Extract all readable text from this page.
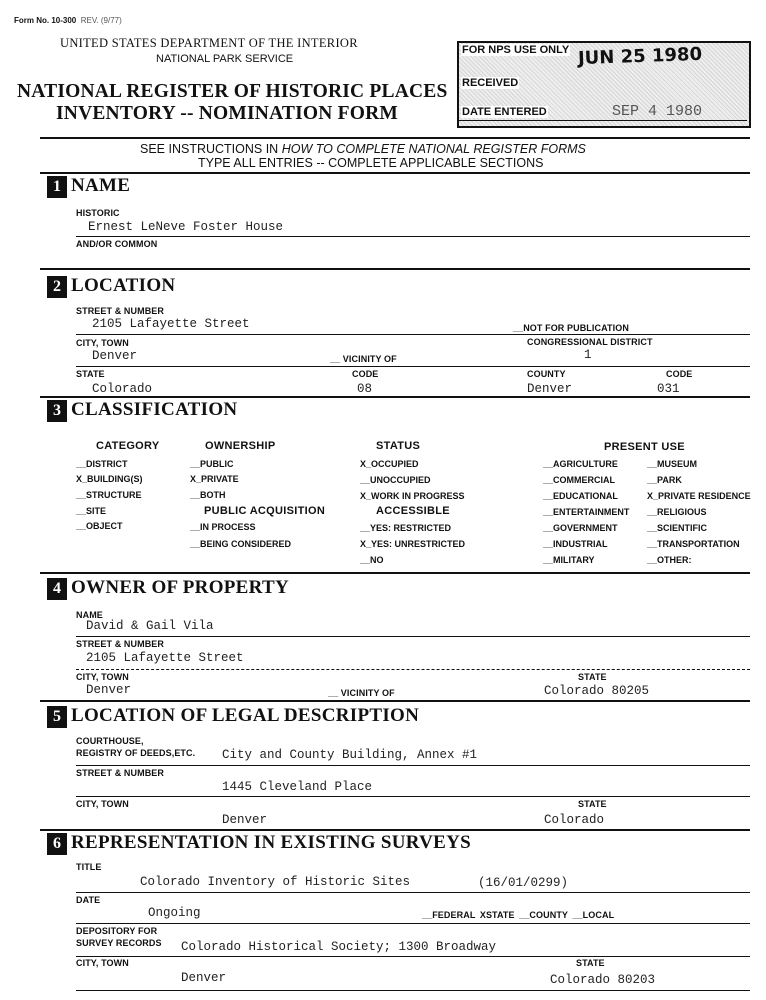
Form No. 10-300 REV. (9/77)
UNITED STATES DEPARTMENT OF THE INTERIOR
NATIONAL PARK SERVICE
NATIONAL REGISTER OF HISTORIC PLACES
INVENTORY -- NOMINATION FORM
FOR NPS USE ONLY JUN 25 1980
RECEIVED
DATE ENTERED	SEP 4 1980
SEE INSTRUCTIONS IN HOW TO COMPLETE NATIONAL REGISTER FORMS
TYPE ALL ENTRIES -- COMPLETE APPLICABLE SECTIONS
1 NAME
HISTORIC
Ernest LeNeve Foster House
AND/OR COMMON
2 LOCATION
STREET & NUMBER
2105 Lafayette Street	__NOT FOR PUBLICATION
CITY, TOWN	CONGRESSIONAL DISTRICT
Denver	__ VICINITY OF	1
STATE	CODE	COUNTY	CODE
Colorado	08	Denver	031
3 CLASSIFICATION
CATEGORY
__DISTRICT
X_BUILDING(S)
__STRUCTURE
__SITE
__OBJECT
OWNERSHIP
__PUBLIC
X_PRIVATE
__BOTH
PUBLIC ACQUISITION
__IN PROCESS
__BEING CONSIDERED
STATUS
X_OCCUPIED
__UNOCCUPIED
X_WORK IN PROGRESS
ACCESSIBLE
__YES: RESTRICTED
X_YES: UNRESTRICTED
__NO
PRESENT USE
__AGRICULTURE
__COMMERCIAL
__EDUCATIONAL
__ENTERTAINMENT
__GOVERNMENT
__INDUSTRIAL
__MILITARY
__MUSEUM
__PARK
X_PRIVATE RESIDENCE
__RELIGIOUS
__SCIENTIFIC
__TRANSPORTATION
__OTHER:
4 OWNER OF PROPERTY
NAME
David & Gail Vila
STREET & NUMBER
2105 Lafayette Street
CITY, TOWN	STATE
Denver	__ VICINITY OF	Colorado 80205
5 LOCATION OF LEGAL DESCRIPTION
COURTHOUSE,
REGISTRY OF DEEDS,ETC. City and County Building, Annex #1
STREET & NUMBER
1445 Cleveland Place
CITY, TOWN	STATE
Denver	Colorado
6 REPRESENTATION IN EXISTING SURVEYS
TITLE
Colorado Inventory of Historic Sites	(16/01/0299)
DATE
Ongoing	__FEDERAL XSTATE __COUNTY __LOCAL
DEPOSITORY FOR
SURVEY RECORDS Colorado Historical Society; 1300 Broadway
CITY, TOWN	STATE
Denver	Colorado 80203
